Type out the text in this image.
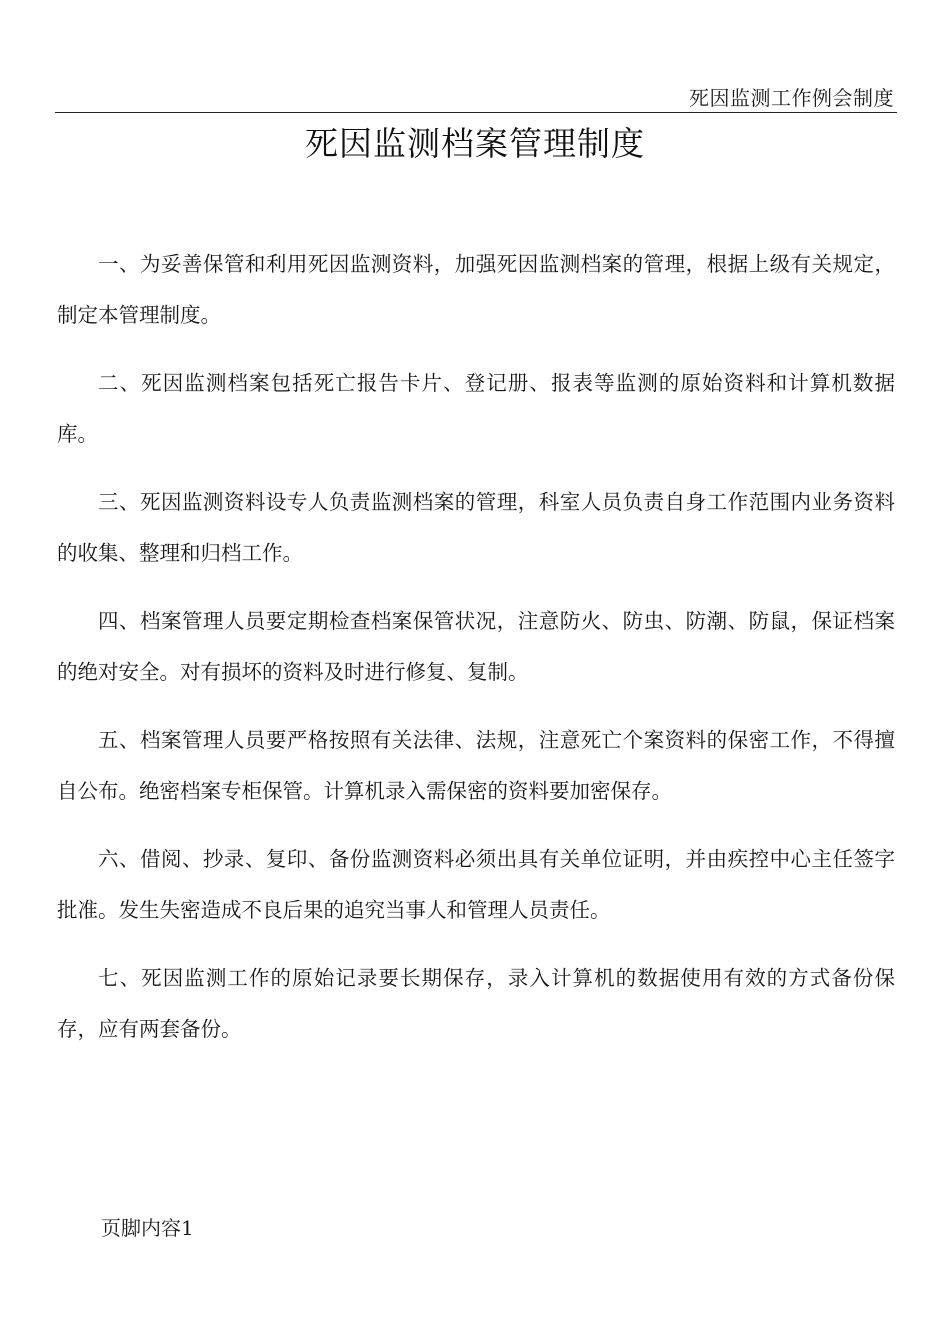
死因监测工作例会制度
死因监测档案管理制度

一、为妥善保管和利用死因监测资料，加强死因监测档案的管理，根据上级有关规定，制定本管理制度。

二、死因监测档案包括死亡报告卡片、登记册、报表等监测的原始资料和计算机数据库。

三、死因监测资料设专人负责监测档案的管理，科室人员负责自身工作范围内业务资料的收集、整理和归档工作。

四、档案管理人员要定期检查档案保管状况，注意防火、防虫、防潮、防鼠，保证档案的绝对安全。对有损坏的资料及时进行修复、复制。

五、档案管理人员要严格按照有关法律、法规，注意死亡个案资料的保密工作，不得擅自公布。绝密档案专柜保管。计算机录入需保密的资料要加密保存。

六、借阅、抄录、复印、备份监测资料必须出具有关单位证明，并由疾控中心主任签字批准。发生失密造成不良后果的追究当事人和管理人员责任。

七、死因监测工作的原始记录要长期保存，录入计算机的数据使用有效的方式备份保存，应有两套备份。

页脚内容1
